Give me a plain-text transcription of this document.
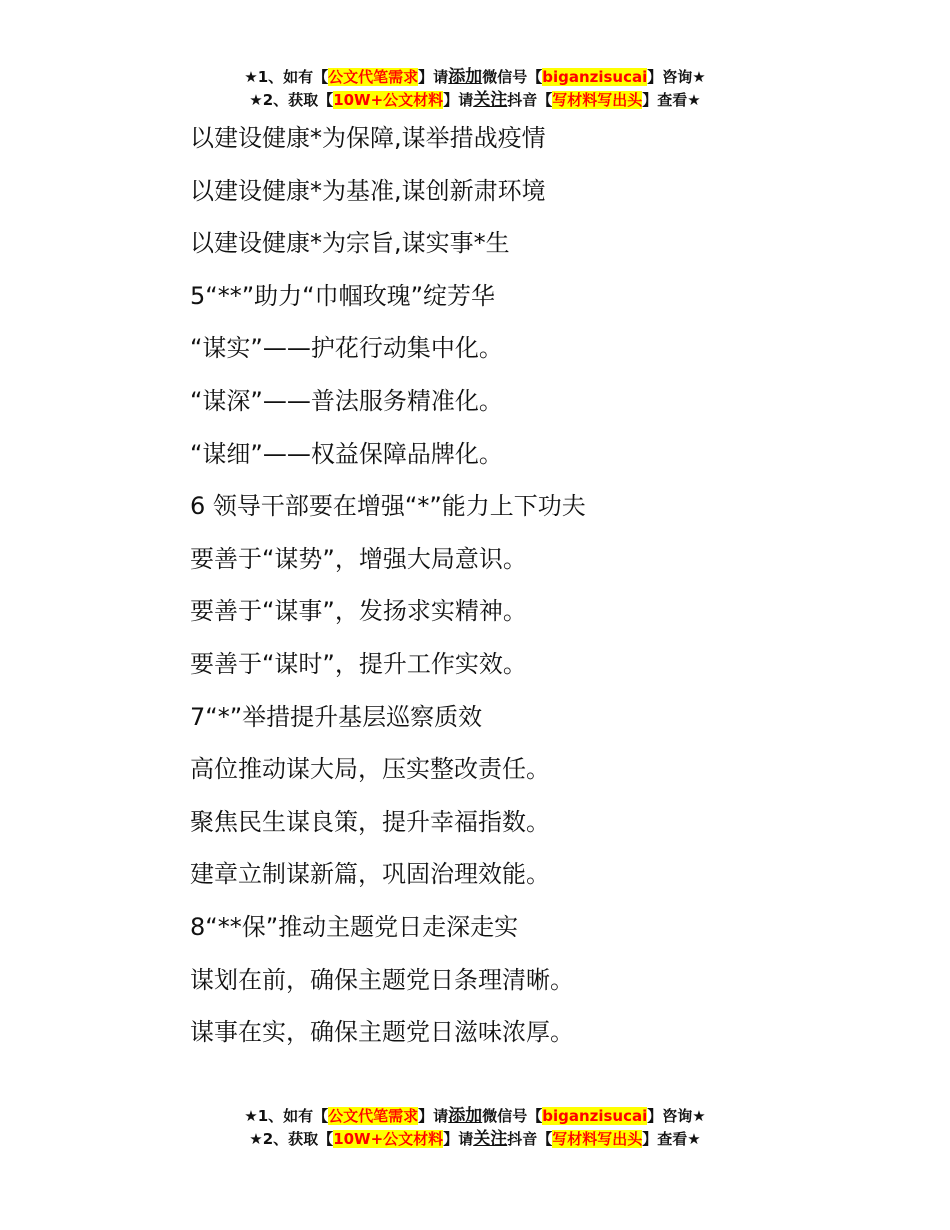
★1、如有【公文代笔需求】请添加微信号【biganzisucai】咨询★
★2、获取【10W+公文材料】请关注抖音【写材料写出头】查看★
以建设健康*为保障,谋举措战疫情
以建设健康*为基准,谋创新肃环境
以建设健康*为宗旨,谋实事*生
5“**”助力“巾帼玫瑰”绽芳华
“谋实”——护花行动集中化。
“谋深”——普法服务精准化。
“谋细”——权益保障品牌化。
6 领导干部要在增强“*”能力上下功夫
要善于“谋势”，增强大局意识。
要善于“谋事”，发扬求实精神。
要善于“谋时”，提升工作实效。
7“*”举措提升基层巡察质效
高位推动谋大局，压实整改责任。
聚焦民生谋良策，提升幸福指数。
建章立制谋新篇，巩固治理效能。
8“**保”推动主题党日走深走实
谋划在前，确保主题党日条理清晰。
谋事在实，确保主题党日滋味浓厚。
★1、如有【公文代笔需求】请添加微信号【biganzisucai】咨询★
★2、获取【10W+公文材料】请关注抖音【写材料写出头】查看★
